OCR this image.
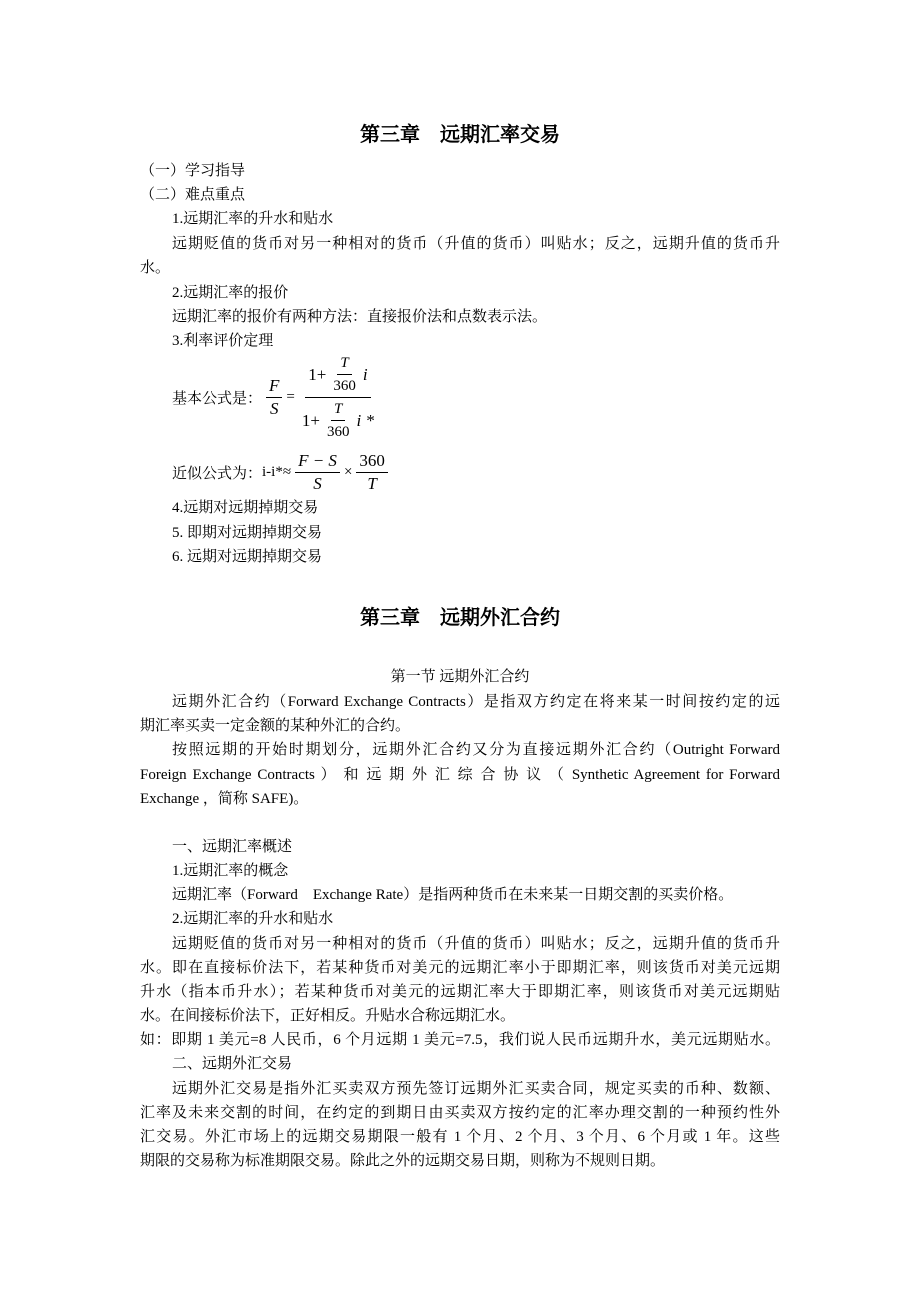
第三章　远期汇率交易
（一）学习指导
（二）难点重点
1.远期汇率的升水和贴水
远期贬值的货币对另一种相对的货币（升值的货币）叫贴水；反之，远期升值的货币升
水。
2.远期汇率的报价
远期汇率的报价有两种方法：直接报价法和点数表示法。
3.利率评价定理
基本公式是： $\frac{F}{S} = \frac{1+ \frac{T}{360} i}{1+ \frac{T}{360} i *}$
近似公式为： $i-i*\approx \frac{F - S}{S} \times \frac{360}{T}$
4.远期对远期掉期交易
5. 即期对远期掉期交易
6. 远期对远期掉期交易
第三章　远期外汇合约
第一节 远期外汇合约
远期外汇合约（Forward Exchange Contracts）是指双方约定在将来某一时间按约定的远
期汇率买卖一定金额的某种外汇的合约。
按照远期的开始时期划分，远期外汇合约又分为直接远期外汇合约（Outright Forward
Foreign Exchange Contracts ） 和 远 期 外 汇 综 合 协 议 （ Synthetic Agreement for Forward
Exchange ，简称 SAFE)。
一、远期汇率概述
1.远期汇率的概念
远期汇率（Forward　Exchange Rate）是指两种货币在未来某一日期交割的买卖价格。
2.远期汇率的升水和贴水
远期贬值的货币对另一种相对的货币（升值的货币）叫贴水；反之，远期升值的货币升
水。即在直接标价法下，若某种货币对美元的远期汇率小于即期汇率，则该货币对美元远期
升水（指本币升水）；若某种货币对美元的远期汇率大于即期汇率，则该货币对美元远期贴
水。在间接标价法下，正好相反。升贴水合称远期汇水。
如：即期 1 美元=8 人民币，6 个月远期 1 美元=7.5，我们说人民币远期升水，美元远期贴水。
二、远期外汇交易
远期外汇交易是指外汇买卖双方预先签订远期外汇买卖合同，规定买卖的币种、数额、
汇率及未来交割的时间，在约定的到期日由买卖双方按约定的汇率办理交割的一种预约性外
汇交易。外汇市场上的远期交易期限一般有 1 个月、2 个月、3 个月、6 个月或 1 年。这些
期限的交易称为标准期限交易。除此之外的远期交易日期，则称为不规则日期。
